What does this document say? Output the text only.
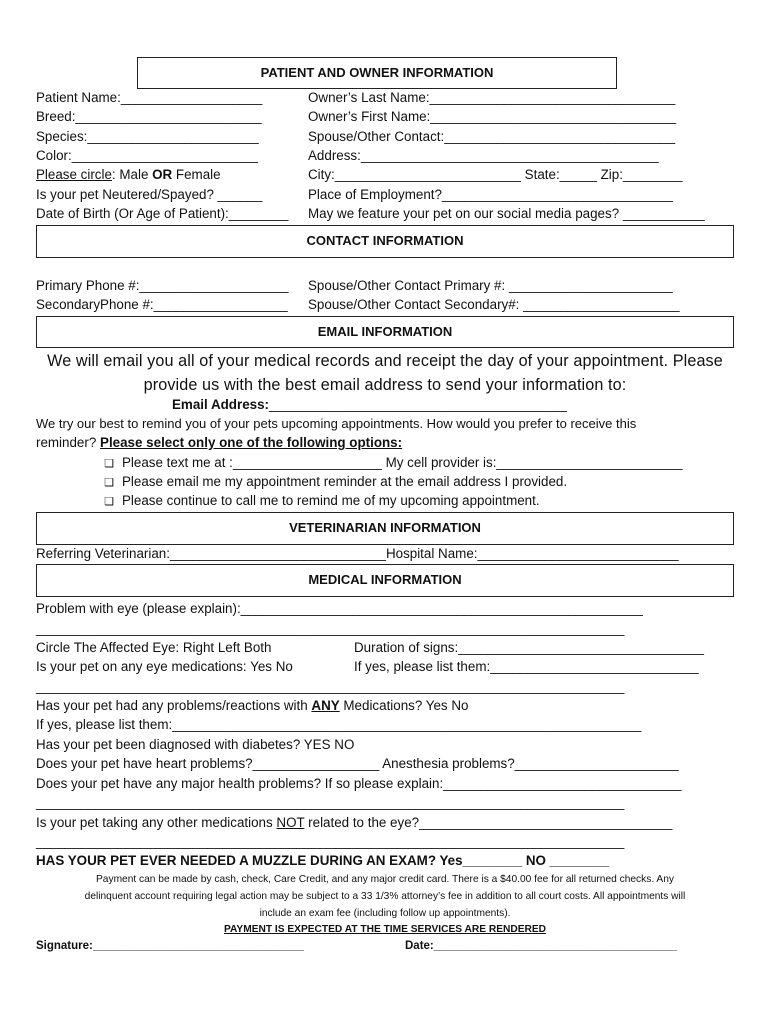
PATIENT AND OWNER INFORMATION
Patient Name:___________________
Breed:_________________________
Species:_______________________
Color:_________________________
Please circle: Male OR Female
Is your pet Neutered/Spayed? ______
Date of Birth (Or Age of Patient):________
Owner’s Last Name:_________________________________
Owner’s First Name:_________________________________
Spouse/Other Contact:_______________________________
Address:________________________________________
City:_________________________ State:_____ Zip:________
Place of Employment?_______________________________
May we feature your pet on our social media pages? ___________
CONTACT INFORMATION
Primary Phone #:____________________
SecondaryPhone #:__________________
Spouse/Other Contact Primary #: ______________________
Spouse/Other Contact Secondary#: _____________________
EMAIL INFORMATION
We will email you all of your medical records and receipt the day of your appointment. Please
provide us with the best email address to send your information to:
Email Address:________________________________________
We try our best to remind you of your pets upcoming appointments. How would you prefer to receive this
reminder? Please select only one of the following options:
❏ Please text me at :____________________ My cell provider is:_________________________
❏ Please email me my appointment reminder at the email address I provided.
❏ Please continue to call me to remind me of my upcoming appointment.
VETERINARIAN INFORMATION
Referring Veterinarian:_____________________________Hospital Name:___________________________
MEDICAL INFORMATION
Problem with eye (please explain):______________________________________________________
_______________________________________________________________________________
Circle The Affected Eye: Right Left Both	Duration of signs:_________________________________
Is your pet on any eye medications: Yes No	If yes, please list them:____________________________
_______________________________________________________________________________
Has your pet had any problems/reactions with ANY Medications? Yes No
If yes, please list them:_______________________________________________________________
Has your pet been diagnosed with diabetes? YES NO
Does your pet have heart problems?_________________ Anesthesia problems?______________________
Does your pet have any major health problems? If so please explain:________________________________
_______________________________________________________________________________
Is your pet taking any other medications NOT related to the eye?__________________________________
_______________________________________________________________________________
HAS YOUR PET EVER NEEDED A MUZZLE DURING AN EXAM? Yes________ NO ________
Payment can be made by cash, check, Care Credit, and any major credit card. There is a $40.00 fee for all returned checks. Any
delinquent account requiring legal action may be subject to a 33 1/3% attorney’s fee in addition to all court costs. All appointments will
include an exam fee (including follow up appointments).
PAYMENT IS EXPECTED AT THE TIME SERVICES ARE RENDERED
Signature:_________________________________	Date:______________________________________
